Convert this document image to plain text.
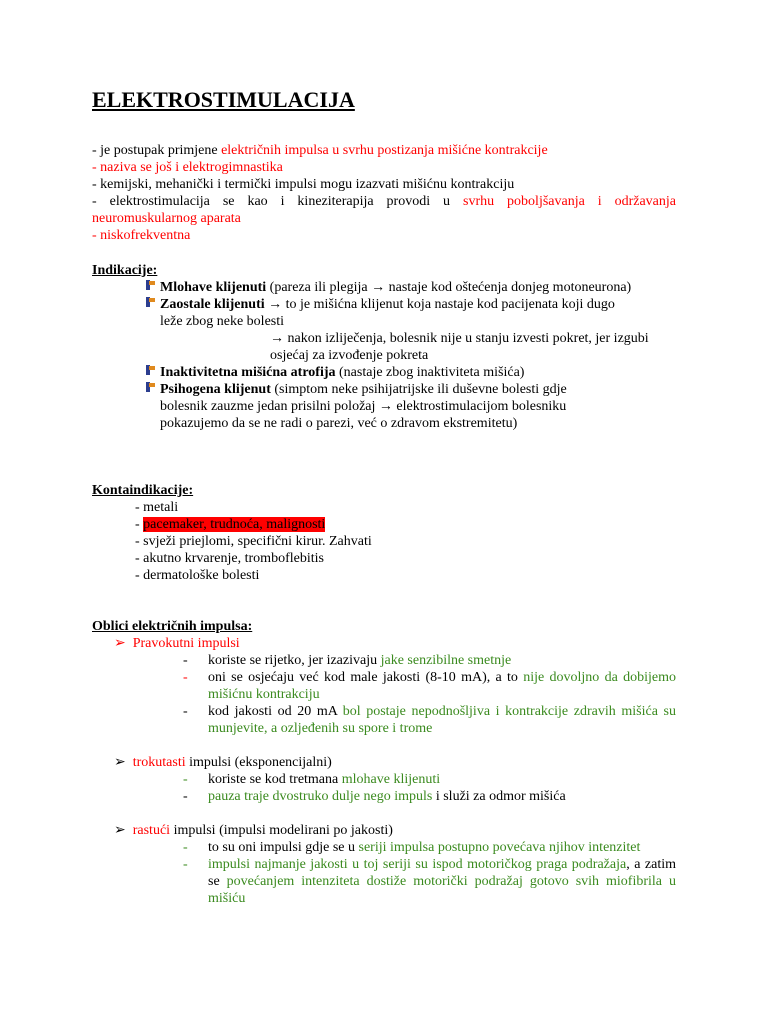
ELEKTROSTIMULACIJA

- je postupak primjene električnih impulsa u svrhu postizanja mišićne kontrakcije

- naziva se još i elektrogimnastika

- kemijski, mehanički i termički impulsi mogu izazvati mišićnu kontrakciju

- elektrostimulacija se kao i kineziterapija provodi u svrhu poboljšavanja i održavanja neuromuskularnog aparata

- niskofrekventna

Indikacije:

Mlohave klijenuti (pareza ili plegija → nastaje kod oštećenja donjeg motoneurona)
Zaostale klijenuti → to je mišićna klijenut koja nastaje kod pacijenata koji dugo leže zbog neke bolesti
→ nakon izliječenja, bolesnik nije u stanju izvesti pokret, jer izgubi osjećaj za izvođenje pokreta
Inaktivitetna mišićna atrofija (nastaje zbog inaktiviteta mišića)
Psihogena klijenut (simptom neke psihijatrijske ili duševne bolesti gdje bolesnik zauzme jedan prisilni položaj → elektrostimulacijom bolesniku pokazujemo da se ne radi o parezi, već o zdravom ekstremitetu)

Kontaindikacije:

- metali

- pacemaker, trudnoća, malignosti

- svježi priejlomi, specifični kirur. Zahvati

- akutno krvarenje, tromboflebitis

- dermatološke bolesti

Oblici električnih impulsa:

➢ Pravokutni impulsi

-	koriste se rijetko, jer izazivaju jake senzibilne smetnje
-	oni se osjećaju već kod male jakosti (8-10 mA), a to nije dovoljno da dobijemo mišićnu kontrakciju
-	kod jakosti od 20 mA bol postaje nepodnošljiva i kontrakcije zdravih mišića su munjevite, a ozljeđenih su spore i trome

➢ trokutasti impulsi (eksponencijalni)

-	koriste se kod tretmana mlohave klijenuti
-	pauza traje dvostruko dulje nego impuls i služi za odmor mišića

➢ rastući impulsi (impulsi modelirani po jakosti)

-	to su oni impulsi gdje se u seriji impulsa postupno povećava njihov intenzitet
-	impulsi najmanje jakosti u toj seriji su ispod motoričkog praga podražaja, a zatim se povećanjem intenziteta dostiže motorički podražaj gotovo svih miofibrila u mišiću
